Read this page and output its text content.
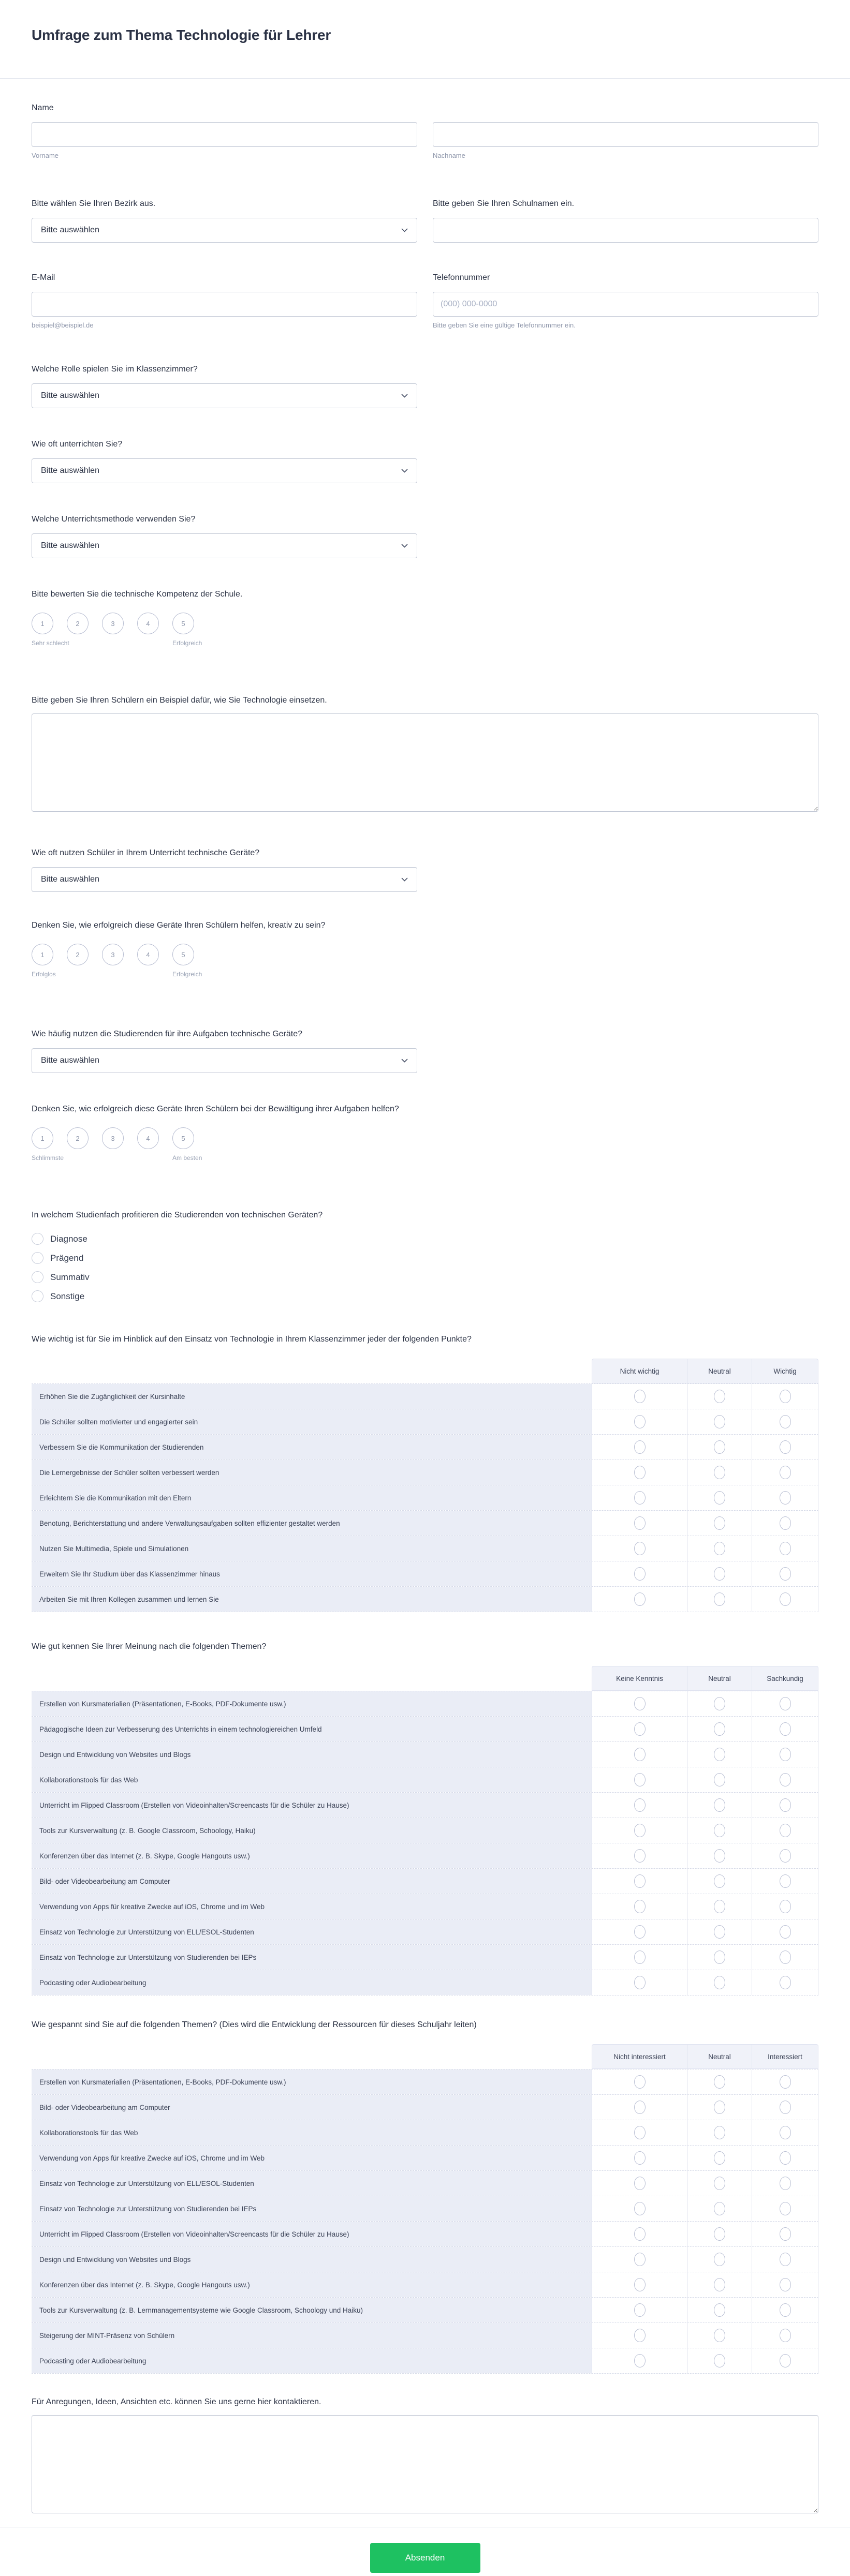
Umfrage zum Thema Technologie für Lehrer
Name
Vorname	Nachname
Bitte wählen Sie Ihren Bezirk aus.
Bitte auswählen
Bitte geben Sie Ihren Schulnamen ein.
E-Mail
beispiel@beispiel.de
Telefonnummer
(000) 000-0000
Bitte geben Sie eine gültige Telefonnummer ein.
Welche Rolle spielen Sie im Klassenzimmer?
Bitte auswählen
Wie oft unterrichten Sie?
Bitte auswählen
Welche Unterrichtsmethode verwenden Sie?
Bitte auswählen
Bitte bewerten Sie die technische Kompetenz der Schule.
1	2	3	4	5
Sehr schlecht	Erfolgreich
Bitte geben Sie Ihren Schülern ein Beispiel dafür, wie Sie Technologie einsetzen.
Wie oft nutzen Schüler in Ihrem Unterricht technische Geräte?
Bitte auswählen
Denken Sie, wie erfolgreich diese Geräte Ihren Schülern helfen, kreativ zu sein?
1	2	3	4	5
Erfolglos	Erfolgreich
Wie häufig nutzen die Studierenden für ihre Aufgaben technische Geräte?
Bitte auswählen
Denken Sie, wie erfolgreich diese Geräte Ihren Schülern bei der Bewältigung ihrer Aufgaben helfen?
1	2	3	4	5
Schlimmste	Am besten
In welchem Studienfach profitieren die Studierenden von technischen Geräten?
Diagnose
Prägend
Summativ
Sonstige
Wie wichtig ist für Sie im Hinblick auf den Einsatz von Technologie in Ihrem Klassenzimmer jeder der folgenden Punkte?
Nicht wichtig	Neutral	Wichtig
Erhöhen Sie die Zugänglichkeit der Kursinhalte
Die Schüler sollten motivierter und engagierter sein
Verbessern Sie die Kommunikation der Studierenden
Die Lernergebnisse der Schüler sollten verbessert werden
Erleichtern Sie die Kommunikation mit den Eltern
Benotung, Berichterstattung und andere Verwaltungsaufgaben sollten effizienter gestaltet werden
Nutzen Sie Multimedia, Spiele und Simulationen
Erweitern Sie Ihr Studium über das Klassenzimmer hinaus
Arbeiten Sie mit Ihren Kollegen zusammen und lernen Sie
Wie gut kennen Sie Ihrer Meinung nach die folgenden Themen?
Keine Kenntnis	Neutral	Sachkundig
Erstellen von Kursmaterialien (Präsentationen, E-Books, PDF-Dokumente usw.)
Pädagogische Ideen zur Verbesserung des Unterrichts in einem technologiereichen Umfeld
Design und Entwicklung von Websites und Blogs
Kollaborationstools für das Web
Unterricht im Flipped Classroom (Erstellen von Videoinhalten/Screencasts für die Schüler zu Hause)
Tools zur Kursverwaltung (z. B. Google Classroom, Schoology, Haiku)
Konferenzen über das Internet (z. B. Skype, Google Hangouts usw.)
Bild- oder Videobearbeitung am Computer
Verwendung von Apps für kreative Zwecke auf iOS, Chrome und im Web
Einsatz von Technologie zur Unterstützung von ELL/ESOL-Studenten
Einsatz von Technologie zur Unterstützung von Studierenden bei IEPs
Podcasting oder Audiobearbeitung
Wie gespannt sind Sie auf die folgenden Themen? (Dies wird die Entwicklung der Ressourcen für dieses Schuljahr leiten)
Nicht interessiert	Neutral	Interessiert
Erstellen von Kursmaterialien (Präsentationen, E-Books, PDF-Dokumente usw.)
Bild- oder Videobearbeitung am Computer
Kollaborationstools für das Web
Verwendung von Apps für kreative Zwecke auf iOS, Chrome und im Web
Einsatz von Technologie zur Unterstützung von ELL/ESOL-Studenten
Einsatz von Technologie zur Unterstützung von Studierenden bei IEPs
Unterricht im Flipped Classroom (Erstellen von Videoinhalten/Screencasts für die Schüler zu Hause)
Design und Entwicklung von Websites und Blogs
Konferenzen über das Internet (z. B. Skype, Google Hangouts usw.)
Tools zur Kursverwaltung (z. B. Lernmanagementsysteme wie Google Classroom, Schoology und Haiku)
Steigerung der MINT-Präsenz von Schülern
Podcasting oder Audiobearbeitung
Für Anregungen, Ideen, Ansichten etc. können Sie uns gerne hier kontaktieren.
Absenden
